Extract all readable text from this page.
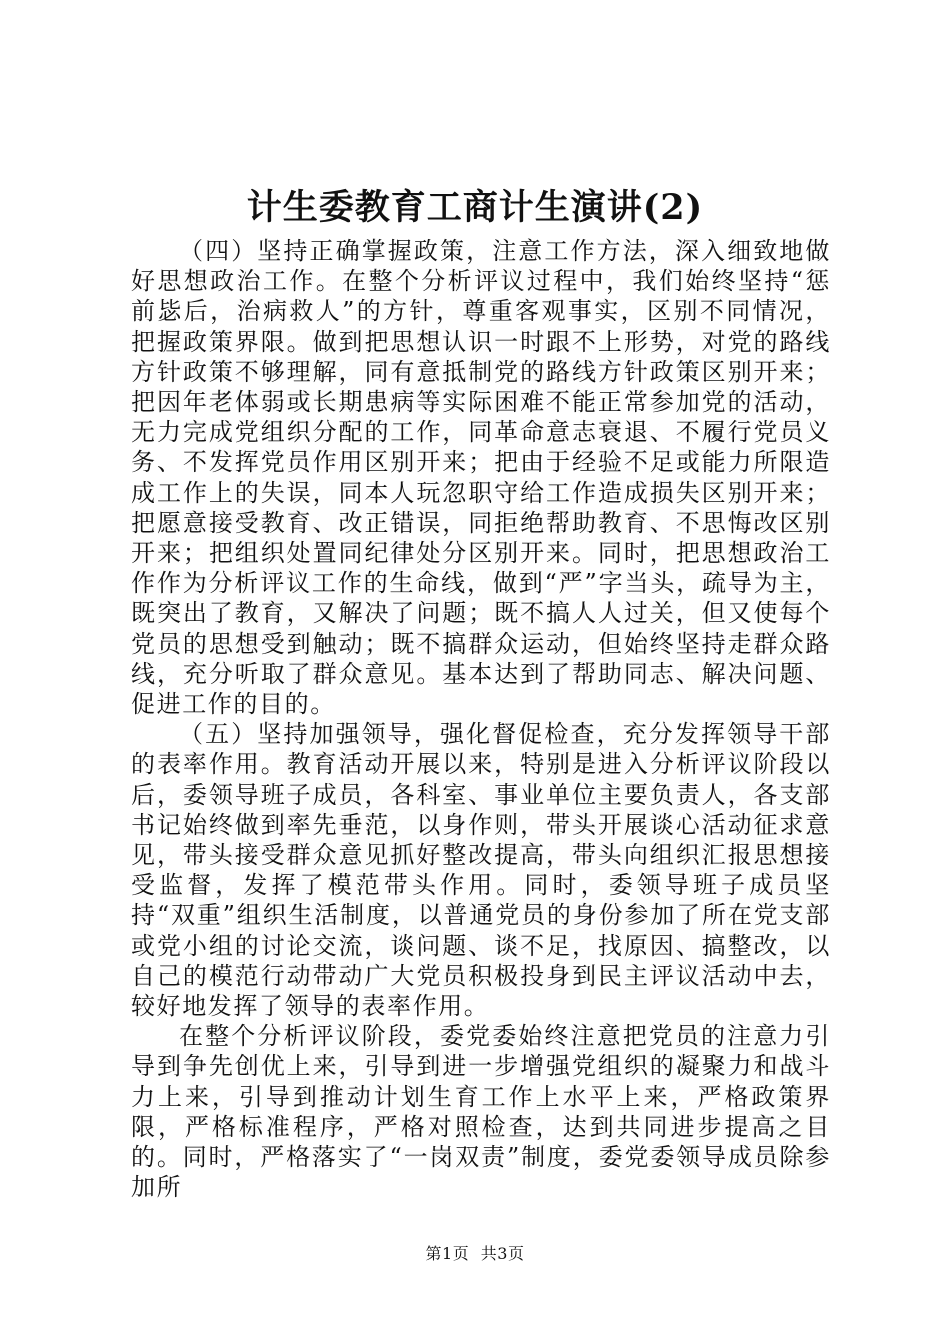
计生委教育工商计生演讲(2)

（四）坚持正确掌握政策，注意工作方法，深入细致地做好思想政治工作。在整个分析评议过程中，我们始终坚持“惩前毖后，治病救人”的方针，尊重客观事实，区别不同情况，把握政策界限。做到把思想认识一时跟不上形势，对党的路线方针政策不够理解，同有意抵制党的路线方针政策区别开来；把因年老体弱或长期患病等实际困难不能正常参加党的活动，无力完成党组织分配的工作，同革命意志衰退、不履行党员义务、不发挥党员作用区别开来；把由于经验不足或能力所限造成工作上的失误，同本人玩忽职守给工作造成损失区别开来；把愿意接受教育、改正错误，同拒绝帮助教育、不思悔改区别开来；把组织处置同纪律处分区别开来。同时，把思想政治工作作为分析评议工作的生命线，做到“严”字当头，疏导为主，既突出了教育，又解决了问题；既不搞人人过关，但又使每个党员的思想受到触动；既不搞群众运动，但始终坚持走群众路线，充分听取了群众意见。基本达到了帮助同志、解决问题、促进工作的目的。

（五）坚持加强领导，强化督促检查，充分发挥领导干部的表率作用。教育活动开展以来，特别是进入分析评议阶段以后，委领导班子成员，各科室、事业单位主要负责人，各支部书记始终做到率先垂范，以身作则，带头开展谈心活动征求意见，带头接受群众意见抓好整改提高，带头向组织汇报思想接受监督，发挥了模范带头作用。同时，委领导班子成员坚持“双重”组织生活制度，以普通党员的身份参加了所在党支部或党小组的讨论交流，谈问题、谈不足，找原因、搞整改，以自己的模范行动带动广大党员积极投身到民主评议活动中去，较好地发挥了领导的表率作用。

在整个分析评议阶段，委党委始终注意把党员的注意力引导到争先创优上来，引导到进一步增强党组织的凝聚力和战斗力上来，引导到推动计划生育工作上水平上来，严格政策界限，严格标准程序，严格对照检查，达到共同进步提高之目的。同时，严格落实了“一岗双责”制度，委党委领导成员除参加所

第1页 共3页
